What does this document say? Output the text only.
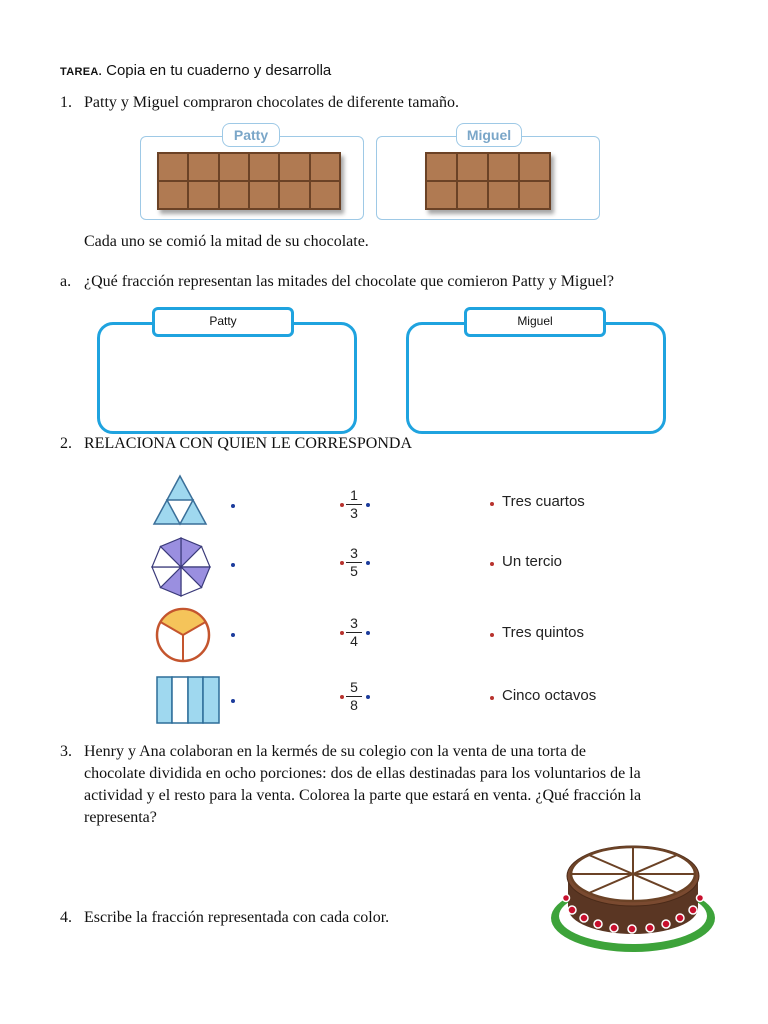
TAREA. Copia en tu cuaderno y desarrolla
1. Patty y Miguel compraron chocolates de diferente tamaño.
Patty	Miguel
Cada uno se comió la mitad de su chocolate.
a. ¿Qué fracción representan las mitades del chocolate que comieron Patty y Miguel?
Patty	Miguel
2. RELACIONA CON QUIEN LE CORRESPONDA
1
3
3
5
3
4
5
8
Tres cuartos
Un tercio
Tres quintos
Cinco octavos
3. Henry y Ana colaboran en la kermés de su colegio con la venta de una torta de
chocolate dividida en ocho porciones: dos de ellas destinadas para los voluntarios de la
actividad y el resto para la venta. Colorea la parte que estará en venta. ¿Qué fracción la
representa?
4. Escribe la fracción representada con cada color.
